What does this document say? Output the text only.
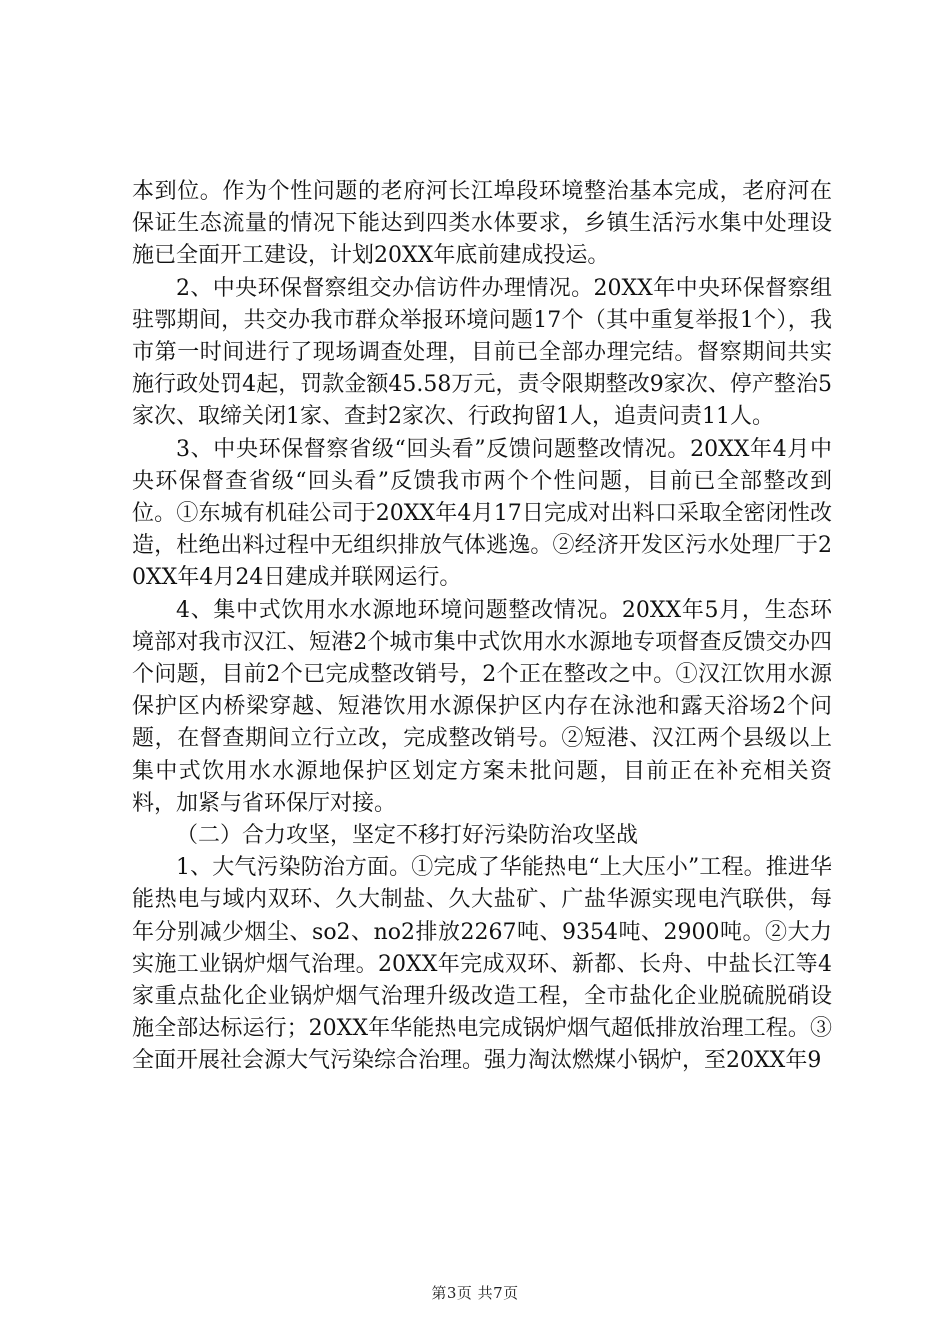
本到位。作为个性问题的老府河长江埠段环境整治基本完成，老府河在保证生态流量的情况下能达到四类水体要求，乡镇生活污水集中处理设施已全面开工建设，计划20XX年底前建成投运。

2、中央环保督察组交办信访件办理情况。20XX年中央环保督察组驻鄂期间，共交办我市群众举报环境问题17个（其中重复举报1个），我市第一时间进行了现场调查处理，目前已全部办理完结。督察期间共实施行政处罚4起，罚款金额45.58万元，责令限期整改9家次、停产整治5家次、取缔关闭1家、查封2家次、行政拘留1人，追责问责11人。

3、中央环保督察省级“回头看”反馈问题整改情况。20XX年4月中央环保督查省级“回头看”反馈我市两个个性问题，目前已全部整改到位。①东城有机硅公司于20XX年4月17日完成对出料口采取全密闭性改造，杜绝出料过程中无组织排放气体逃逸。②经济开发区污水处理厂于20XX年4月24日建成并联网运行。

4、集中式饮用水水源地环境问题整改情况。20XX年5月，生态环境部对我市汉江、短港2个城市集中式饮用水水源地专项督查反馈交办四个问题，目前2个已完成整改销号，2个正在整改之中。①汉江饮用水源保护区内桥梁穿越、短港饮用水源保护区内存在泳池和露天浴场2个问题，在督查期间立行立改，完成整改销号。②短港、汉江两个县级以上集中式饮用水水源地保护区划定方案未批问题，目前正在补充相关资料，加紧与省环保厅对接。

（二）合力攻坚，坚定不移打好污染防治攻坚战

1、大气污染防治方面。①完成了华能热电“上大压小”工程。推进华能热电与域内双环、久大制盐、久大盐矿、广盐华源实现电汽联供，每年分别减少烟尘、so2、no2排放2267吨、9354吨、2900吨。②大力实施工业锅炉烟气治理。20XX年完成双环、新都、长舟、中盐长江等4家重点盐化企业锅炉烟气治理升级改造工程，全市盐化企业脱硫脱硝设施全部达标运行；20XX年华能热电完成锅炉烟气超低排放治理工程。③全面开展社会源大气污染综合治理。强力淘汰燃煤小锅炉，至20XX年9

第3页 共7页
